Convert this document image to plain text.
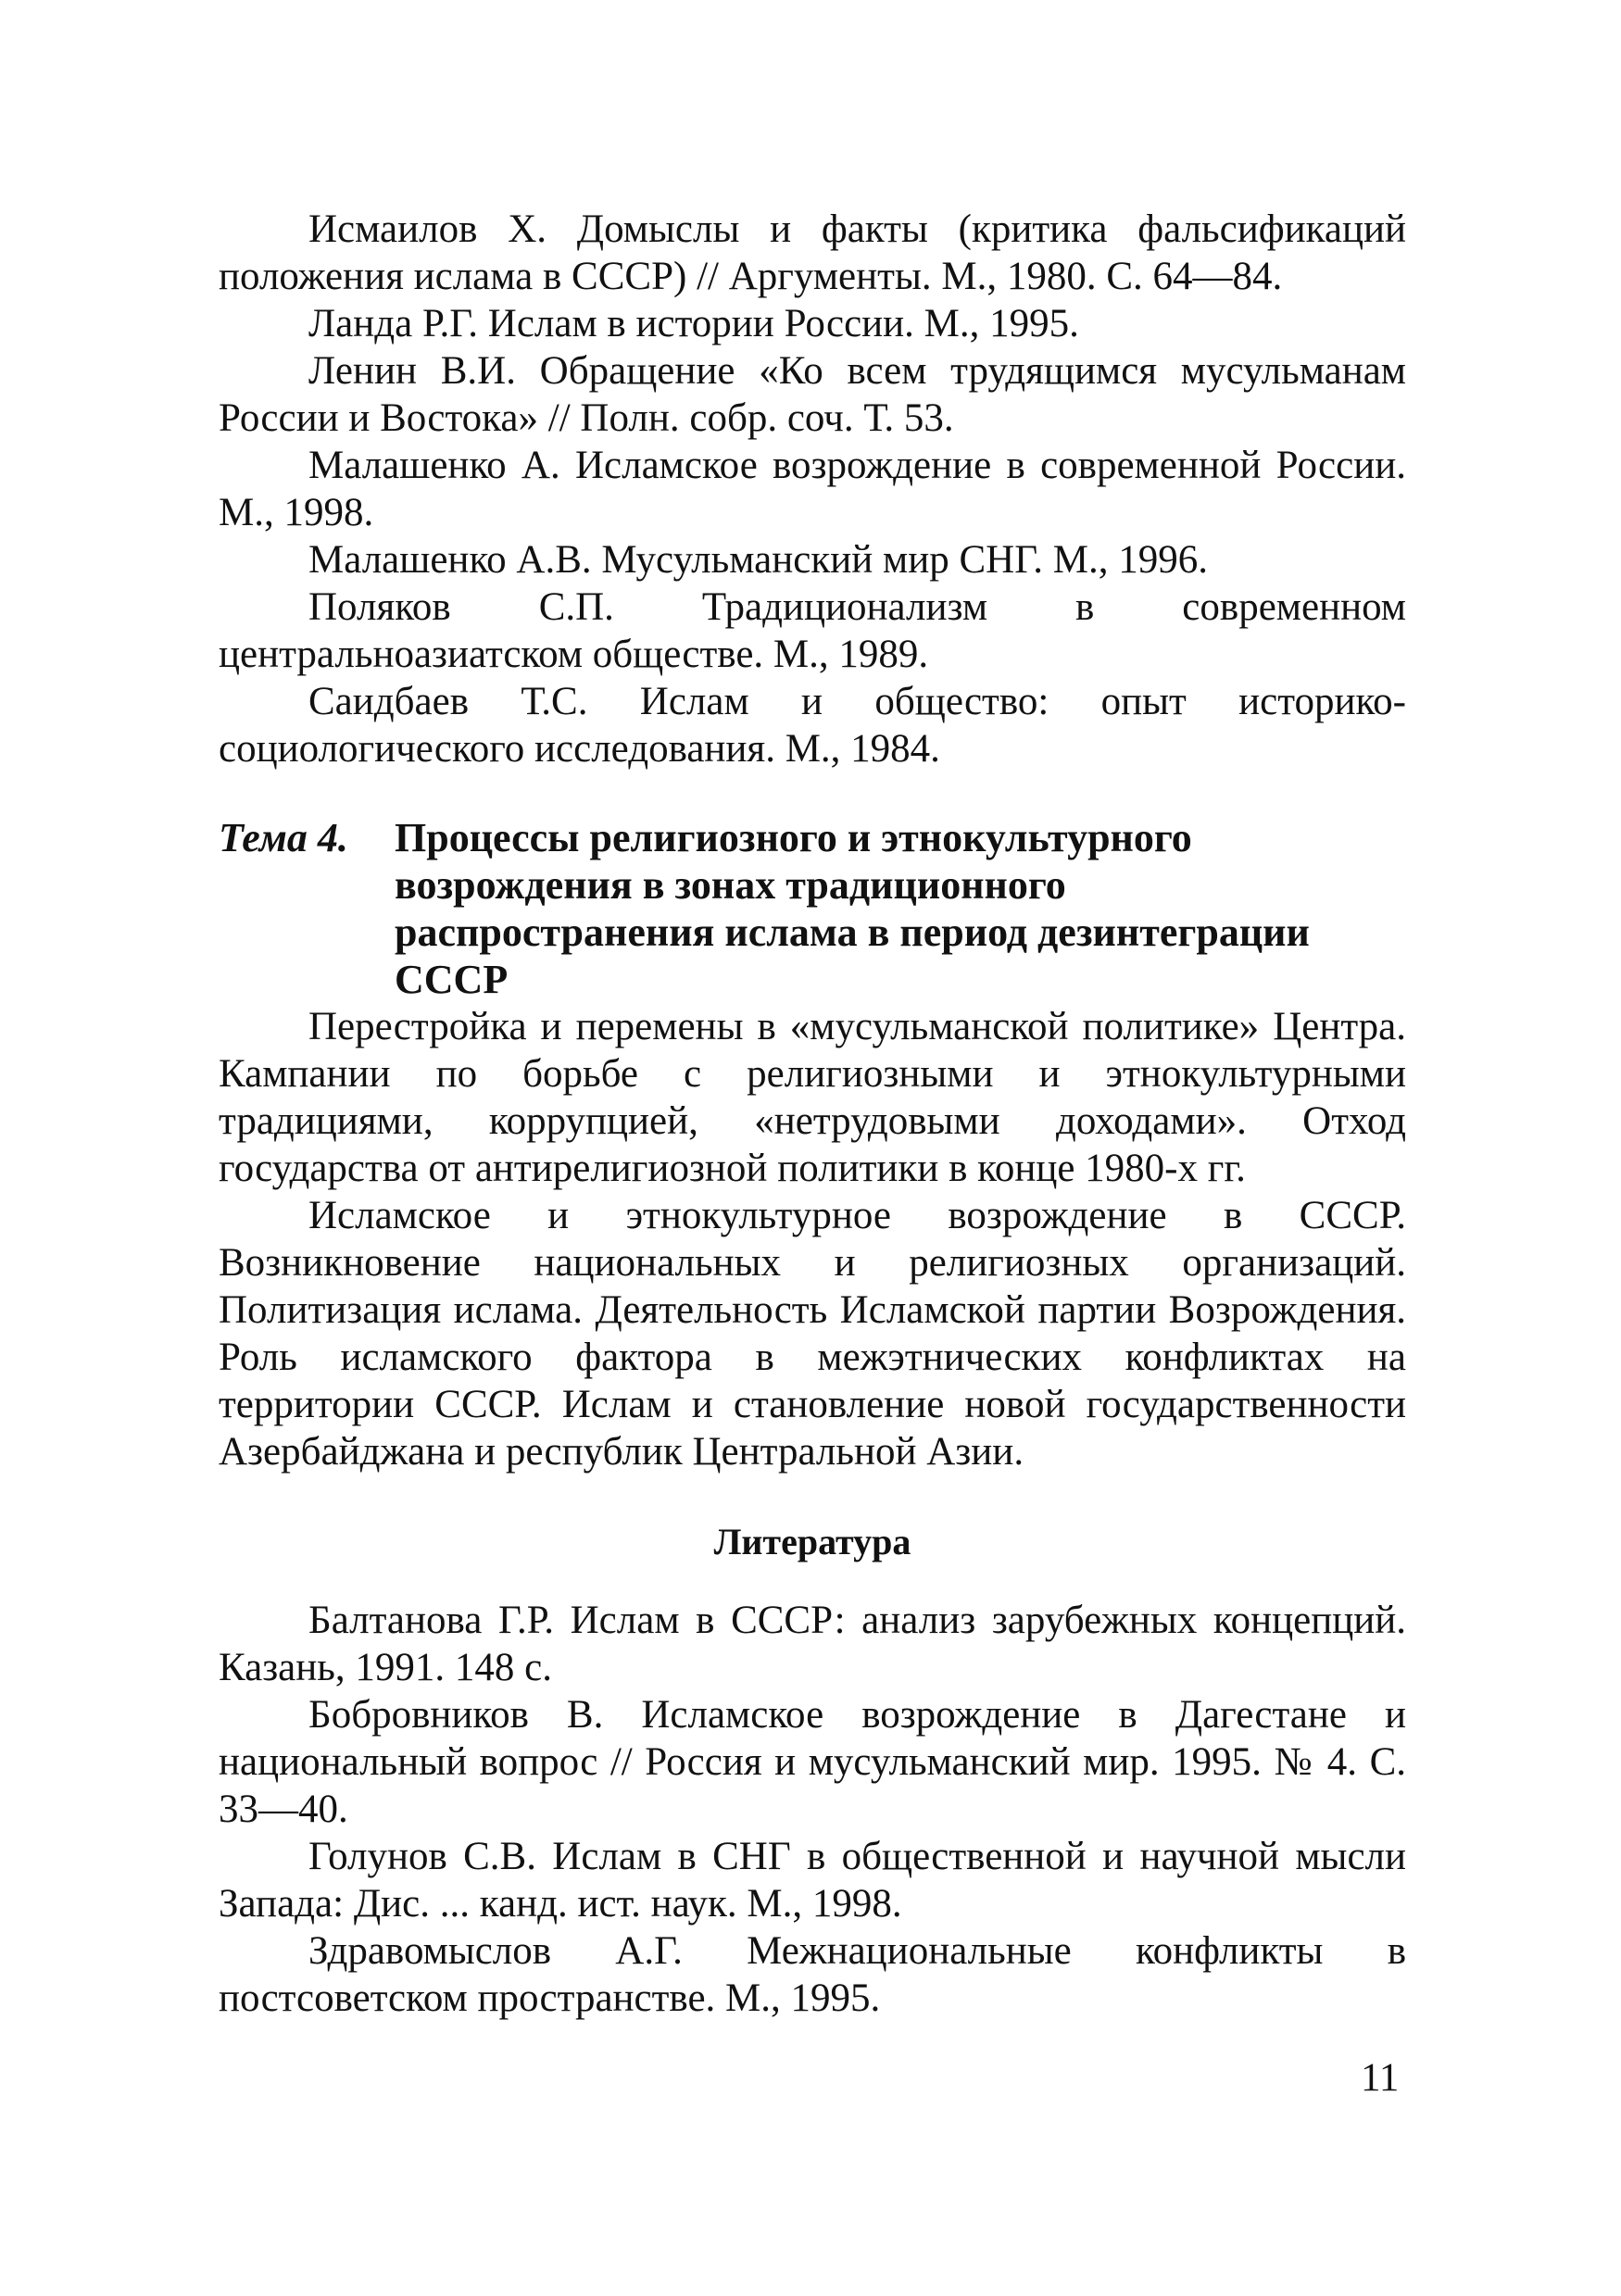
Исмаилов Х. Домыслы и факты (критика фальсификаций положения ислама в СССР) // Аргументы. М., 1980. С. 64—84.

Ланда Р.Г. Ислам в истории России. М., 1995.

Ленин В.И. Обращение «Ко всем трудящимся мусульманам России и Востока» // Полн. собр. соч. Т. 53.

Малашенко А. Исламское возрождение в современной России. М., 1998.

Малашенко А.В. Мусульманский мир СНГ. М., 1996.

Поляков С.П. Традиционализм в современном центральноазиатском обществе. М., 1989.

Саидбаев Т.С. Ислам и общество: опыт историко-социологического исследования. М., 1984.

Тема 4. Процессы религиозного и этнокультурного возрождения в зонах традиционного распространения ислама в период дезинтеграции СССР

Перестройка и перемены в «мусульманской политике» Центра. Кампании по борьбе с религиозными и этнокультурными традициями, коррупцией, «нетрудовыми доходами». Отход государства от антирелигиозной политики в конце 1980-х гг.

Исламское и этнокультурное возрождение в СССР. Возникновение национальных и религиозных организаций. Политизация ислама. Деятельность Исламской партии Возрождения. Роль исламского фактора в межэтнических конфликтах на территории СССР. Ислам и становление новой государственности Азербайджана и республик Центральной Азии.

Литература

Балтанова Г.Р. Ислам в СССР: анализ зарубежных концепций. Казань, 1991. 148 с.

Бобровников В. Исламское возрождение в Дагестане и национальный вопрос // Россия и мусульманский мир. 1995. № 4. С. 33—40.

Голунов С.В. Ислам в СНГ в общественной и научной мысли Запада: Дис. ... канд. ист. наук. М., 1998.

Здравомыслов А.Г. Межнациональные конфликты в постсоветском пространстве. М., 1995.

11
